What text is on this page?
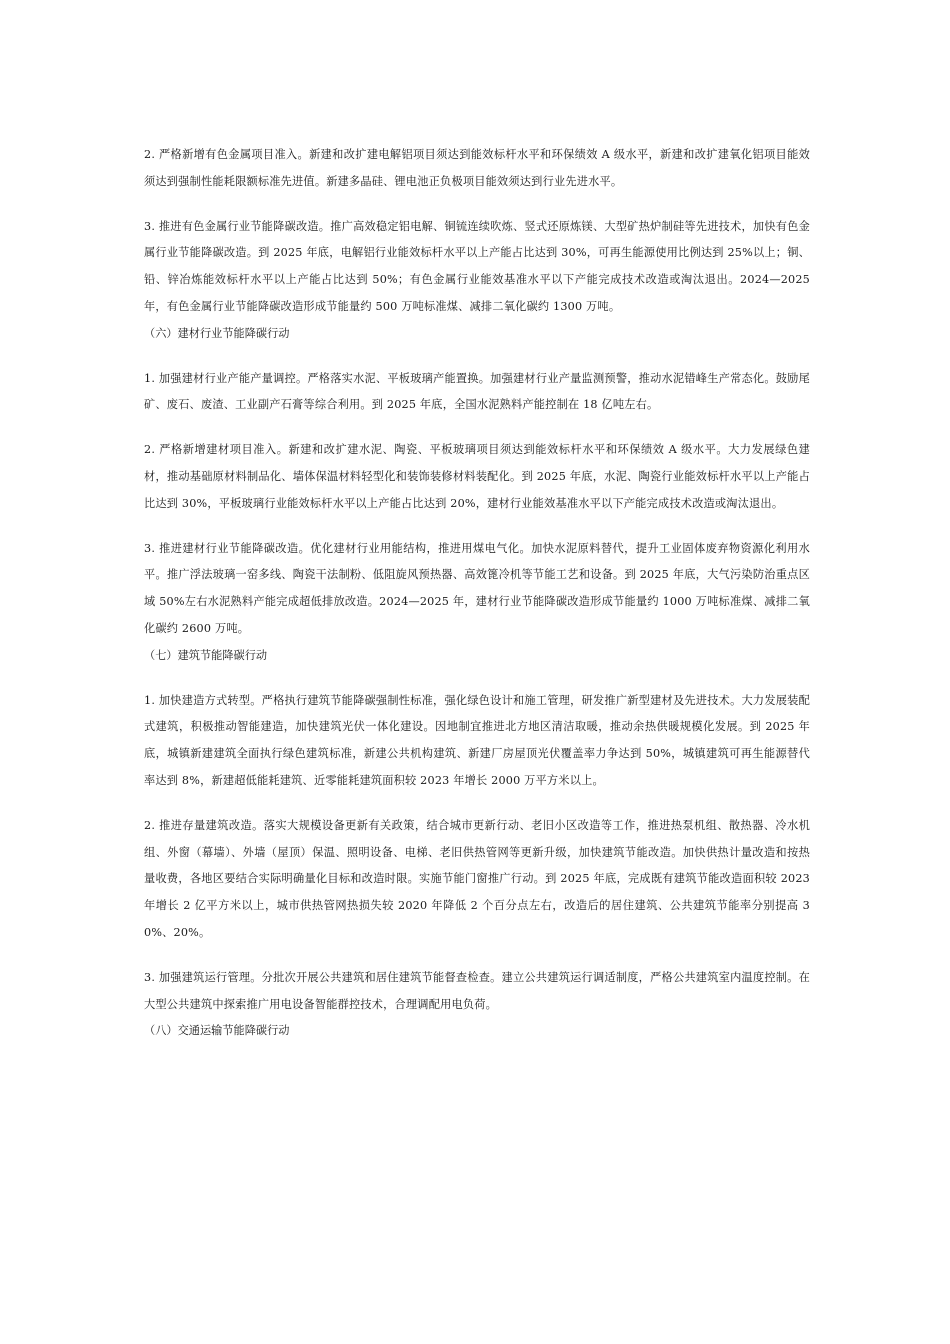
2. 严格新增有色金属项目准入。新建和改扩建电解铝项目须达到能效标杆水平和环保绩效 A 级水平，新建和改扩建氧化铝项目能效须达到强制性能耗限额标准先进值。新建多晶硅、锂电池正负极项目能效须达到行业先进水平。

3. 推进有色金属行业节能降碳改造。推广高效稳定铝电解、铜锍连续吹炼、竖式还原炼镁、大型矿热炉制硅等先进技术，加快有色金属行业节能降碳改造。到 2025 年底，电解铝行业能效标杆水平以上产能占比达到 30%，可再生能源使用比例达到 25%以上；铜、铅、锌冶炼能效标杆水平以上产能占比达到 50%；有色金属行业能效基准水平以下产能完成技术改造或淘汰退出。2024—2025 年，有色金属行业节能降碳改造形成节能量约 500 万吨标准煤、减排二氧化碳约 1300 万吨。

（六）建材行业节能降碳行动

1. 加强建材行业产能产量调控。严格落实水泥、平板玻璃产能置换。加强建材行业产量监测预警，推动水泥错峰生产常态化。鼓励尾矿、废石、废渣、工业副产石膏等综合利用。到 2025 年底，全国水泥熟料产能控制在 18 亿吨左右。

2. 严格新增建材项目准入。新建和改扩建水泥、陶瓷、平板玻璃项目须达到能效标杆水平和环保绩效 A 级水平。大力发展绿色建材，推动基础原材料制品化、墙体保温材料轻型化和装饰装修材料装配化。到 2025 年底，水泥、陶瓷行业能效标杆水平以上产能占比达到 30%，平板玻璃行业能效标杆水平以上产能占比达到 20%，建材行业能效基准水平以下产能完成技术改造或淘汰退出。

3. 推进建材行业节能降碳改造。优化建材行业用能结构，推进用煤电气化。加快水泥原料替代，提升工业固体废弃物资源化利用水平。推广浮法玻璃一窑多线、陶瓷干法制粉、低阻旋风预热器、高效篦冷机等节能工艺和设备。到 2025 年底，大气污染防治重点区域 50%左右水泥熟料产能完成超低排放改造。2024—2025 年，建材行业节能降碳改造形成节能量约 1000 万吨标准煤、减排二氧化碳约 2600 万吨。

（七）建筑节能降碳行动

1. 加快建造方式转型。严格执行建筑节能降碳强制性标准，强化绿色设计和施工管理，研发推广新型建材及先进技术。大力发展装配式建筑，积极推动智能建造，加快建筑光伏一体化建设。因地制宜推进北方地区清洁取暖，推动余热供暖规模化发展。到 2025 年底，城镇新建建筑全面执行绿色建筑标准，新建公共机构建筑、新建厂房屋顶光伏覆盖率力争达到 50%，城镇建筑可再生能源替代率达到 8%，新建超低能耗建筑、近零能耗建筑面积较 2023 年增长 2000 万平方米以上。

2. 推进存量建筑改造。落实大规模设备更新有关政策，结合城市更新行动、老旧小区改造等工作，推进热泵机组、散热器、冷水机组、外窗（幕墙）、外墙（屋顶）保温、照明设备、电梯、老旧供热管网等更新升级，加快建筑节能改造。加快供热计量改造和按热量收费，各地区要结合实际明确量化目标和改造时限。实施节能门窗推广行动。到 2025 年底，完成既有建筑节能改造面积较 2023 年增长 2 亿平方米以上，城市供热管网热损失较 2020 年降低 2 个百分点左右，改造后的居住建筑、公共建筑节能率分别提高 30%、20%。

3. 加强建筑运行管理。分批次开展公共建筑和居住建筑节能督查检查。建立公共建筑运行调适制度，严格公共建筑室内温度控制。在大型公共建筑中探索推广用电设备智能群控技术，合理调配用电负荷。

（八）交通运输节能降碳行动
